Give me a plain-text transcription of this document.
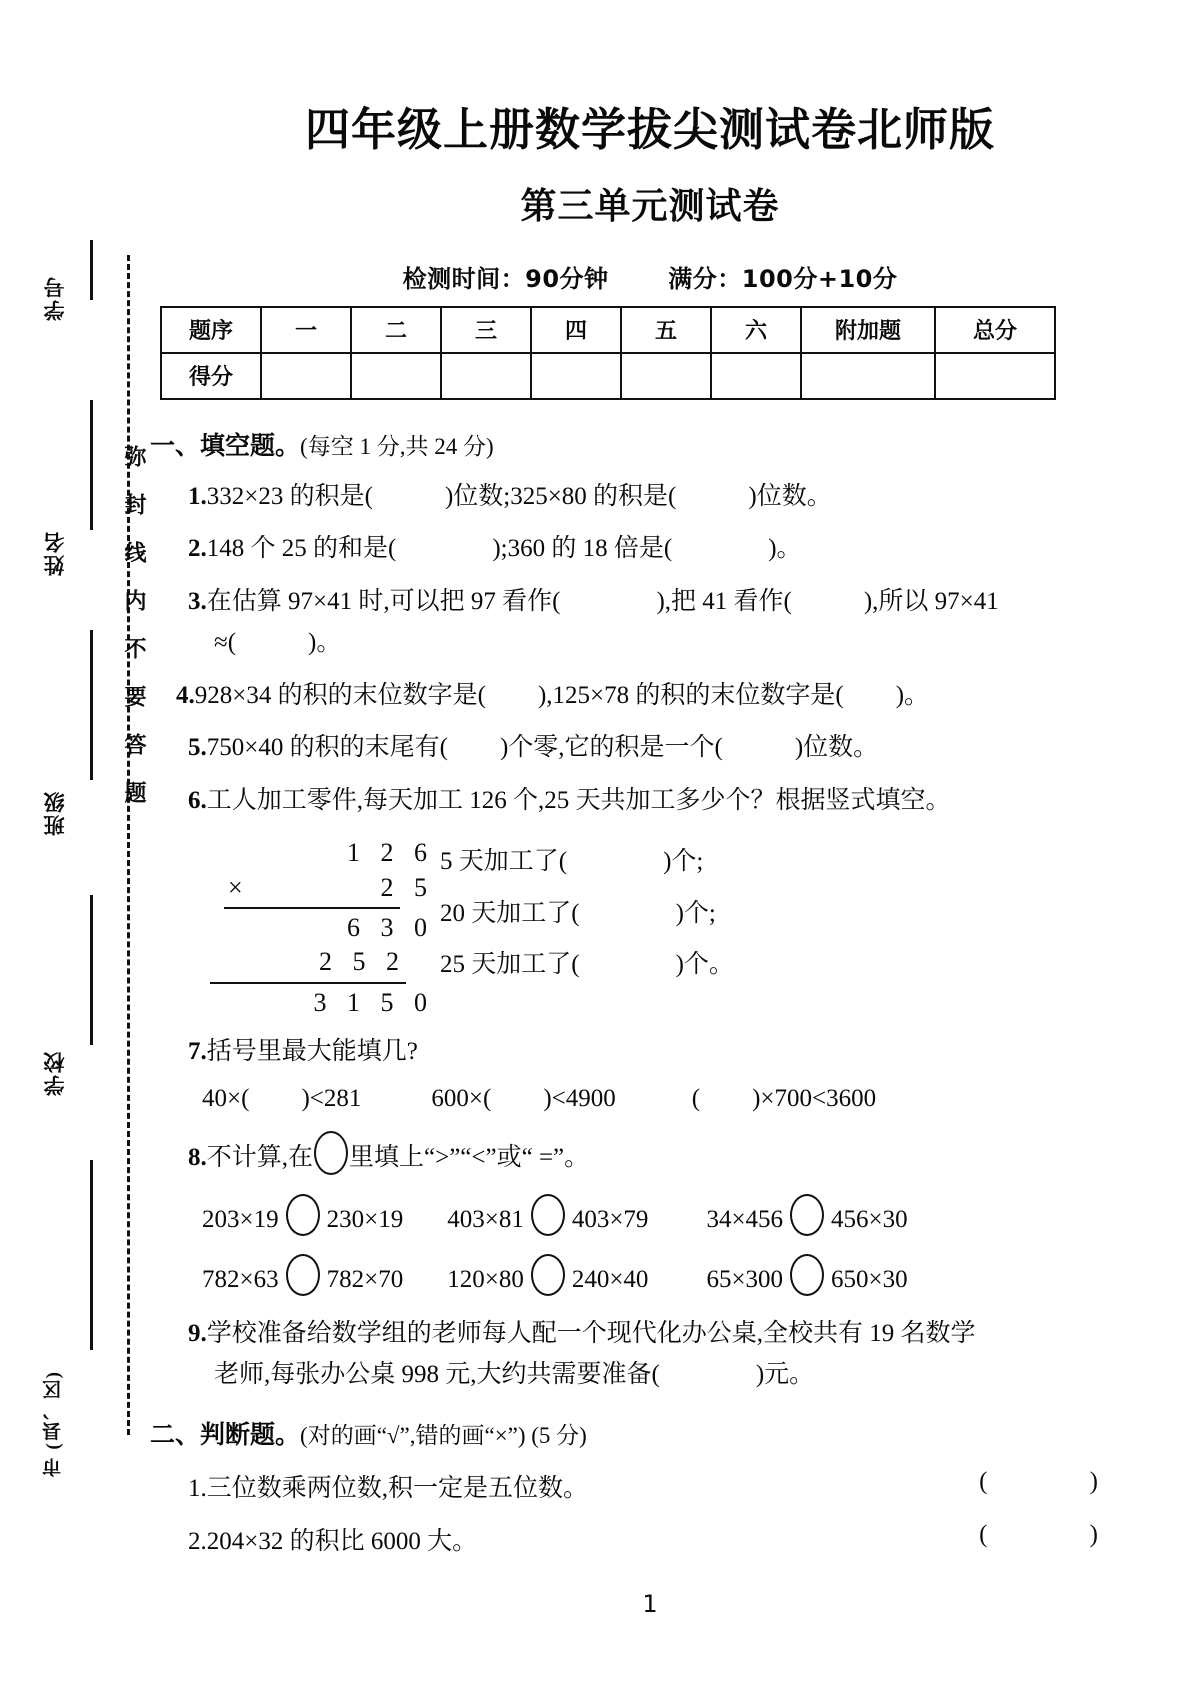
学号
姓名
班级
学校
市 (县、区)
弥封线内不要答题
四年级上册数学拔尖测试卷北师版
第三单元测试卷
检测时间：90分钟 满分：100分+10分
题序	一	二	三	四	五	六	附加题	总分
得分								
一、填空题。(每空 1 分,共 24 分)
1.332×23 的积是(	)位数;325×80 的积是(	)位数。
2.148 个 25 的和是(	);360 的 18 倍是(	)。
3.在估算 97×41 时,可以把 97 看作(	),把 41 看作(	),所以 97×41
≈(	)。
4.928×34 的积的末位数字是( ),125×78 的积的末位数字是( )。
5.750×40 的积的末尾有( )个零,它的积是一个(	)位数。
6.工人加工零件,每天加工 126 个,25 天共加工多少个？根据竖式填空。
1 2 6
×	2 5
6 3 0
2 5 2
3 1 5 0
5 天加工了(	)个;
20 天加工了(	)个;
25 天加工了(	)个。
7.括号里最大能填几?
40×( )<281	600×( )<4900	( )×700<3600
8.不计算,在 里填上“>”“<”或“ =”。
203×19 230×19 403×81 403×79 34×456 456×30
782×63 782×70 120×80 240×40 65×300 650×30
9.学校准备给数学组的老师每人配一个现代化办公桌,全校共有 19 名数学
老师,每张办公桌 998 元,大约共需要准备(	)元。
二、判断题。(对的画“√”,错的画“×”) (5 分)
1.三位数乘两位数,积一定是五位数。	( )
2.204×32 的积比 6000 大。	( )
1
